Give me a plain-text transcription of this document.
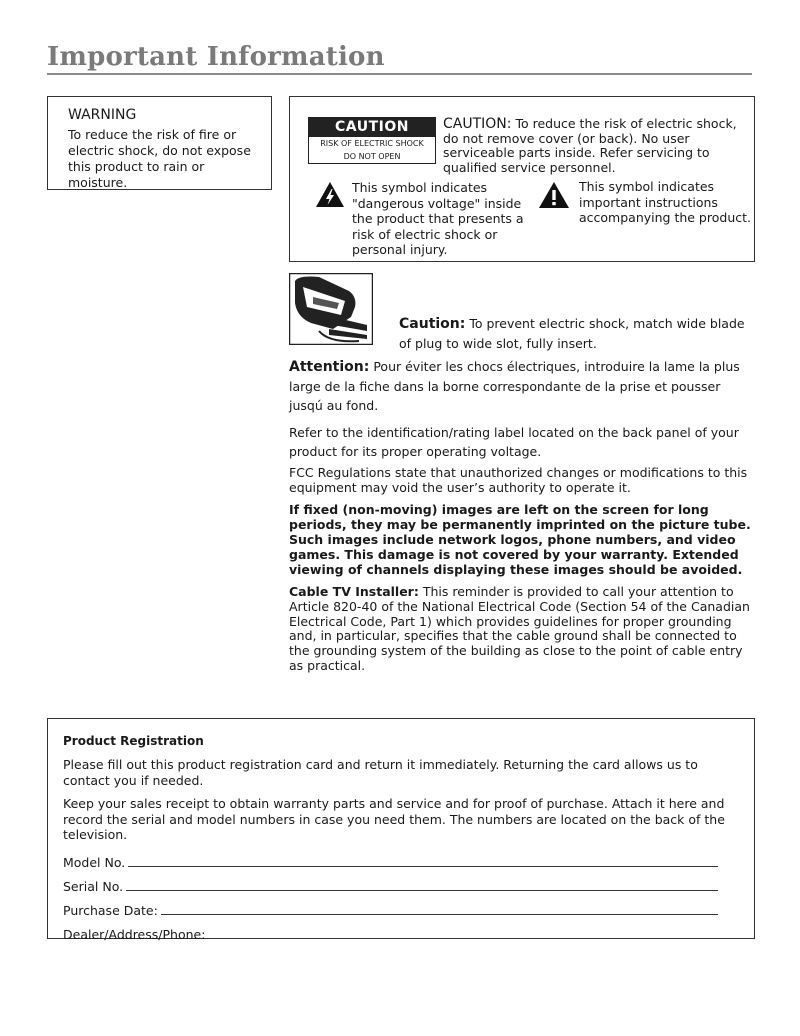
Important Information
WARNING
To reduce the risk of fire or electric shock, do not expose this product to rain or moisture.
CAUTION
RISK OF ELECTRIC SHOCK
DO NOT OPEN
CAUTION: To reduce the risk of electric shock, do not remove cover (or back). No user serviceable parts inside. Refer servicing to qualified service personnel.
This symbol indicates "dangerous voltage" inside the product that presents a risk of electric shock or personal injury.
This symbol indicates important instructions accompanying the product.
Caution: To prevent electric shock, match wide blade of plug to wide slot, fully insert.
Attention: Pour éviter les chocs électriques, introduire la lame la plus large de la fiche dans la borne correspondante de la prise et pousser jusqú au fond.
Refer to the identification/rating label located on the back panel of your product for its proper operating voltage.
FCC Regulations state that unauthorized changes or modifications to this equipment may void the user’s authority to operate it.
If fixed (non-moving) images are left on the screen for long periods, they may be permanently imprinted on the picture tube. Such images include network logos, phone numbers, and video games. This damage is not covered by your warranty. Extended viewing of channels displaying these images should be avoided.
Cable TV Installer: This reminder is provided to call your attention to Article 820-40 of the National Electrical Code (Section 54 of the Canadian Electrical Code, Part 1) which provides guidelines for proper grounding and, in particular, specifies that the cable ground shall be connected to the grounding system of the building as close to the point of cable entry as practical.
Product Registration
Please fill out this product registration card and return it immediately. Returning the card allows us to contact you if needed.
Keep your sales receipt to obtain warranty parts and service and for proof of purchase. Attach it here and record the serial and model numbers in case you need them. The numbers are located on the back of the television.
Model No.
Serial No.
Purchase Date:
Dealer/Address/Phone:
